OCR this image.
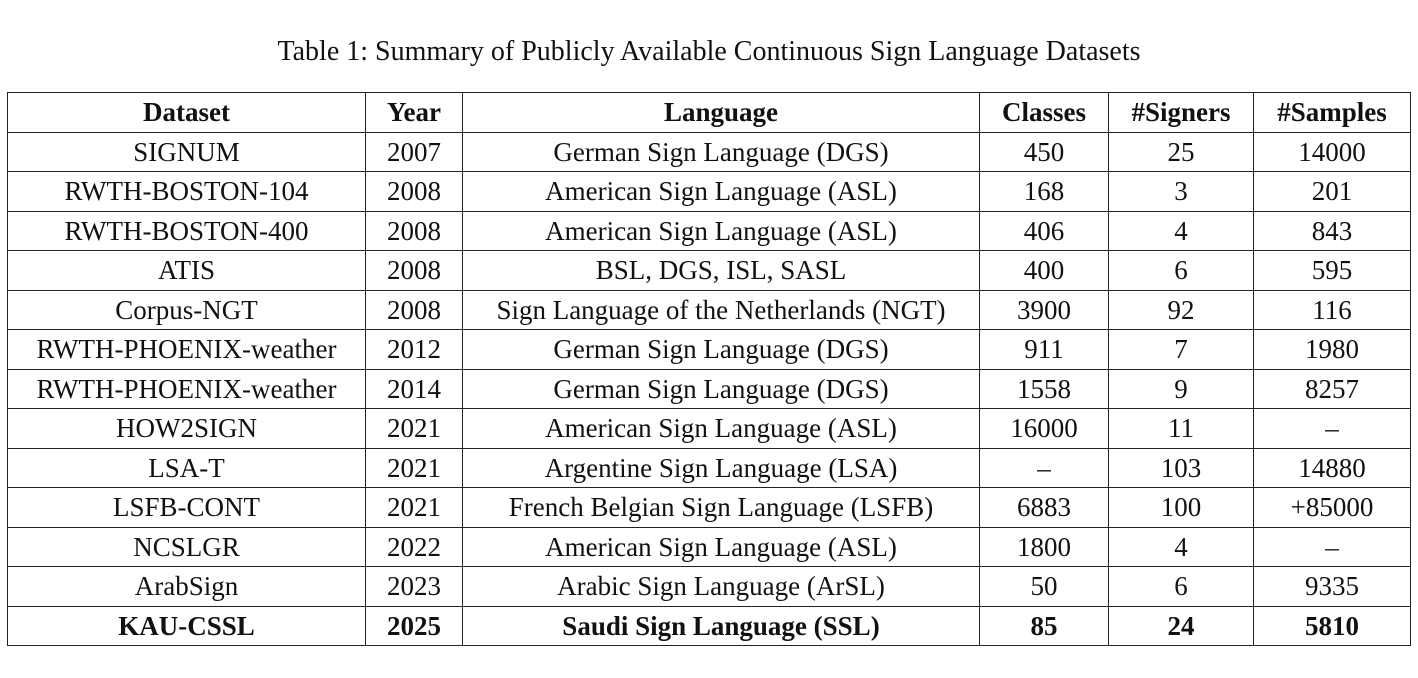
Table 1: Summary of Publicly Available Continuous Sign Language Datasets
Dataset	Year	Language	Classes	#Signers	#Samples
SIGNUM	2007	German Sign Language (DGS)	450	25	14000
RWTH-BOSTON-104	2008	American Sign Language (ASL)	168	3	201
RWTH-BOSTON-400	2008	American Sign Language (ASL)	406	4	843
ATIS	2008	BSL, DGS, ISL, SASL	400	6	595
Corpus-NGT	2008	Sign Language of the Netherlands (NGT)	3900	92	116
RWTH-PHOENIX-weather	2012	German Sign Language (DGS)	911	7	1980
RWTH-PHOENIX-weather	2014	German Sign Language (DGS)	1558	9	8257
HOW2SIGN	2021	American Sign Language (ASL)	16000	11	–
LSA-T	2021	Argentine Sign Language (LSA)	–	103	14880
LSFB-CONT	2021	French Belgian Sign Language (LSFB)	6883	100	+85000
NCSLGR	2022	American Sign Language (ASL)	1800	4	–
ArabSign	2023	Arabic Sign Language (ArSL)	50	6	9335
KAU-CSSL	2025	Saudi Sign Language (SSL)	85	24	5810
